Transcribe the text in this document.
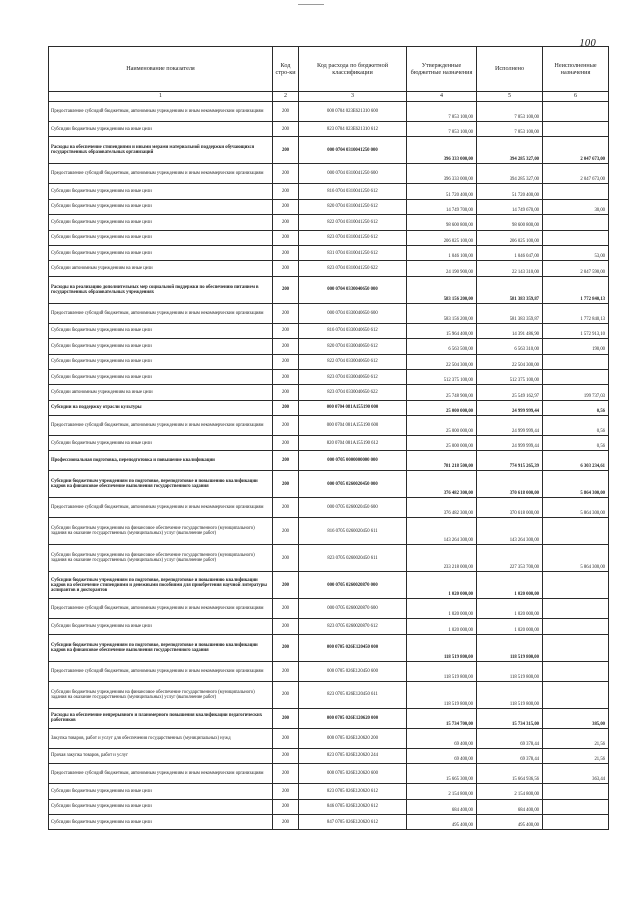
100
Наименование показателя	Код стро-ки	Код расхода по бюджетной классификации	Утвержденные бюджетные назначения	Исполнено	Неисполненные назначения
1	2	3	4	5	6
Предоставление субсидий бюджетным, автономным учреждениям и иным некоммерческим организациям	200	000 0704 023Е621310 600	7 853 100,00	7 853 100,00	
Субсидии бюджетным учреждениям на иные цели	200	823 0704 023Е621310 612	7 853 100,00	7 853 100,00	
Расходы на обеспечение стипендиями и иными мерами материальной поддержки обучающихся государственных образовательных организаций	200	000 0704 0310041250 000	396 333 000,00	394 285 327,00	2 047 673,00
Предоставление субсидий бюджетным, автономным учреждениям и иным некоммерческим организациям	200	000 0704 0310041250 600	396 333 000,00	394 285 327,00	2 047 673,00
Субсидии бюджетным учреждениям на иные цели	200	816 0704 0310041250 612	51 720 400,00	51 720 400,00	
Субсидии бюджетным учреждениям на иные цели	200	820 0704 0310041250 612	14 749 700,00	14 749 670,00	30,00
Субсидии бюджетным учреждениям на иные цели	200	822 0704 0310041250 612	98 600 800,00	98 600 800,00	
Субсидии бюджетным учреждениям на иные цели	200	823 0704 0310041250 612	206 025 100,00	206 025 100,00	
Субсидии бюджетным учреждениям на иные цели	200	831 0704 0310041250 612	1 046 100,00	1 046 047,00	53,00
Субсидии автономным учреждениям на иные цели	200	823 0704 0310041250 622	24 190 900,00	22 143 310,00	2 047 590,00
Расходы на реализацию дополнительных мер социальной поддержки по обеспечению питанием в государственных образовательных учреждениях	200	000 0704 0330040650 000	583 156 200,00	581 383 359,87	1 772 840,13
Предоставление субсидий бюджетным, автономным учреждениям и иным некоммерческим организациям	200	000 0704 0330040650 600	583 156 200,00	581 383 359,87	1 772 840,13
Субсидии бюджетным учреждениям на иные цели	200	816 0704 0330040650 612	15 964 400,00	14 391 486,90	1 572 913,10
Субсидии бюджетным учреждениям на иные цели	200	820 0704 0330040650 612	6 563 500,00	6 563 310,00	190,00
Субсидии бюджетным учреждениям на иные цели	200	822 0704 0330040650 612	22 504 300,00	22 504 300,00	
Субсидии бюджетным учреждениям на иные цели	200	823 0704 0330040650 612	512 375 100,00	512 375 100,00	
Субсидии автономным учреждениям на иные цели	200	823 0704 0330040650 622	25 748 900,00	25 549 162,97	199 737,03
Субсидии на поддержку отрасли культуры	200	000 0704 081А155190 000	25 000 000,00	24 999 999,44	0,56
Предоставление субсидий бюджетным, автономным учреждениям и иным некоммерческим организациям	200	000 0704 081А155190 600	25 000 000,00	24 999 999,44	0,56
Субсидии бюджетным учреждениям на иные цели	200	820 0704 081А155190 612	25 000 000,00	24 999 999,44	0,56
Профессиональная подготовка, переподготовка и повышение квалификации	200	000 0705 0000000000 000	781 218 500,00	774 915 265,39	6 303 234,61
Субсидии бюджетным учреждениям по подготовке, переподготовке и повышению квалификации кадров на финансовое обеспечение выполнения государственного задания	200	000 0705 0260020450 000	376 482 300,00	370 618 000,00	5 864 300,00
Предоставление субсидий бюджетным, автономным учреждениям и иным некоммерческим организациям	200	000 0705 0260020450 600	376 482 300,00	370 618 000,00	5 864 300,00
Субсидии бюджетным учреждениям на финансовое обеспечение государственного (муниципального) задания на оказание государственных (муниципальных) услуг (выполнение работ)	200	816 0705 0260020450 611	143 264 300,00	143 264 300,00	
Субсидии бюджетным учреждениям на финансовое обеспечение государственного (муниципального) задания на оказание государственных (муниципальных) услуг (выполнение работ)	200	823 0705 0260020450 611	233 218 000,00	227 353 700,00	5 864 300,00
Субсидии бюджетным учреждениям по подготовке, переподготовке и повышению квалификации кадров на обеспечение стипендиями и денежными пособиями для приобретения научной литературы аспирантов и докторантов	200	000 0705 0260020870 000	1 020 000,00	1 020 000,00	
Предоставление субсидий бюджетным, автономным учреждениям и иным некоммерческим организациям	200	000 0705 0260020870 600	1 020 000,00	1 020 000,00	
Субсидии бюджетным учреждениям на иные цели	200	823 0705 0260020870 612	1 020 000,00	1 020 000,00	
Субсидии бюджетным учреждениям по подготовке, переподготовке и повышению квалификации кадров на финансовое обеспечение выполнения государственного задания	200	000 0705 026Е120450 000	118 519 800,00	118 519 800,00	
Предоставление субсидий бюджетным, автономным учреждениям и иным некоммерческим организациям	200	000 0705 026Е120450 600	118 519 800,00	118 519 800,00	
Субсидии бюджетным учреждениям на финансовое обеспечение государственного (муниципального) задания на оказание государственных (муниципальных) услуг (выполнение работ)	200	823 0705 026Е120450 611	118 519 800,00	118 519 800,00	
Расходы на обеспечение непрерывного и планомерного повышения квалификации педагогических работников	200	000 0705 026Е120620 000	15 734 700,00	15 734 315,00	385,00
Закупка товаров, работ и услуг для обеспечения государственных (муниципальных) нужд	200	000 0705 026Е120620 200	69 400,00	69 378,44	21,56
Прочая закупка товаров, работ и услуг	200	823 0705 026Е120620 244	69 400,00	69 378,44	21,56
Предоставление субсидий бюджетным, автономным учреждениям и иным некоммерческим организациям	200	000 0705 026Е120620 600	15 665 300,00	15 664 936,56	363,44
Субсидии бюджетным учреждениям на иные цели	200	823 0705 026Е120620 612	2 154 800,00	2 154 800,00	
Субсидии бюджетным учреждениям на иные цели	200	846 0705 026Е120620 612	684 400,00	684 400,00	
Субсидии бюджетным учреждениям на иные цели	200	847 0705 026Е120620 612	495 400,00	495 400,00	
